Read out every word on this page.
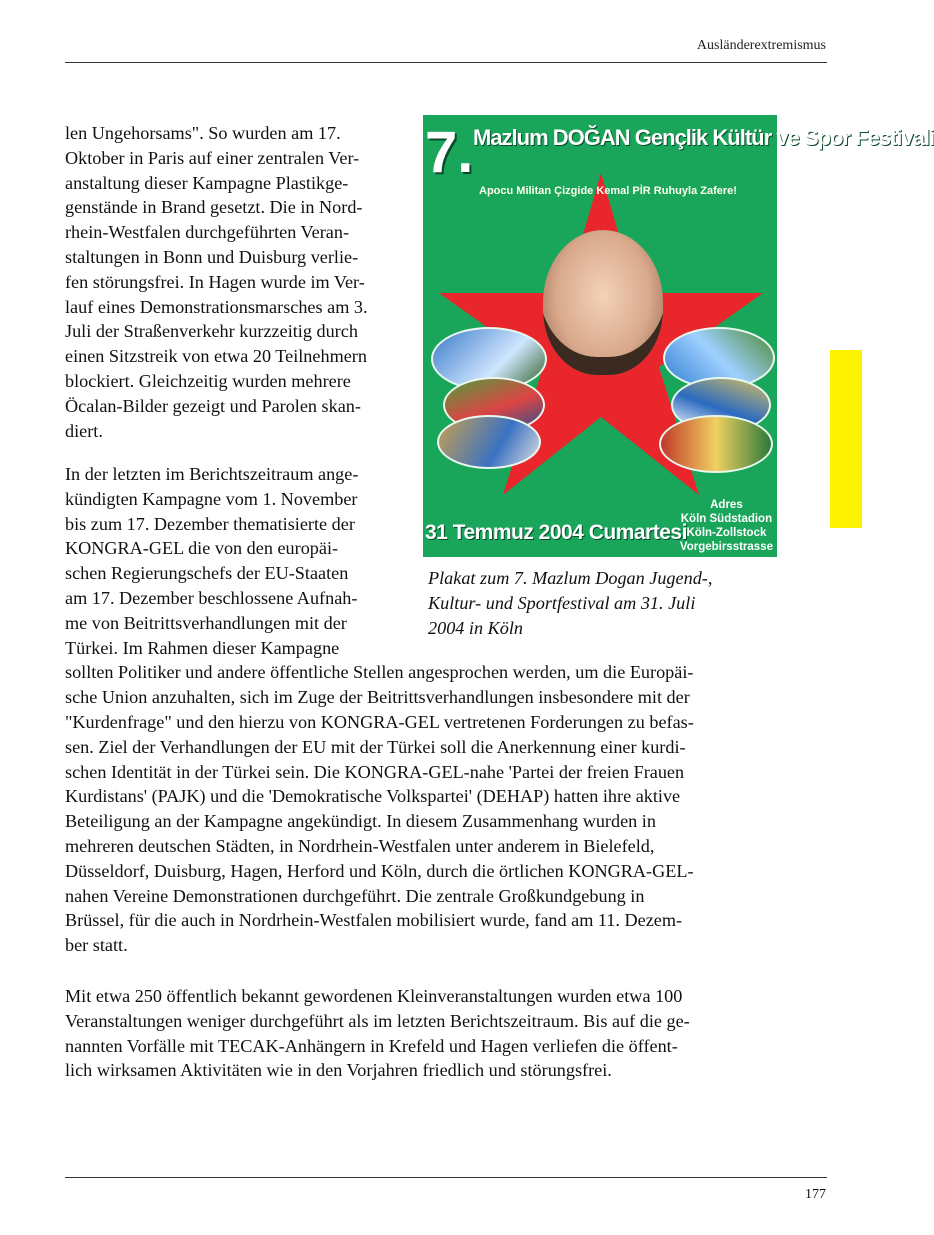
Ausländerextremismus
len Ungehorsams". So wurden am 17.
Oktober in Paris auf einer zentralen Ver-
anstaltung dieser Kampagne Plastikge-
genstände in Brand gesetzt. Die in Nord-
rhein-Westfalen durchgeführten Veran-
staltungen in Bonn und Duisburg verlie-
fen störungsfrei. In Hagen wurde im Ver-
lauf eines Demonstrationsmarsches am 3.
Juli der Straßenverkehr kurzzeitig durch
einen Sitzstreik von etwa 20 Teilnehmern
blockiert. Gleichzeitig wurden mehrere
Öcalan-Bilder gezeigt und Parolen skan-
diert.
In der letzten im Berichtszeitraum ange-
kündigten Kampagne vom 1. November
bis zum 17. Dezember thematisierte der
KONGRA-GEL die von den europäi-
schen Regierungschefs der EU-Staaten
am 17. Dezember beschlossene Aufnah-
me von Beitrittsverhandlungen mit der
Türkei. Im Rahmen dieser Kampagne
sollten Politiker und andere öffentliche Stellen angesprochen werden, um die Europäi-
sche Union anzuhalten, sich im Zuge der Beitrittsverhandlungen insbesondere mit der
"Kurdenfrage" und den hierzu von KONGRA-GEL vertretenen Forderungen zu befas-
sen. Ziel der Verhandlungen der EU mit der Türkei soll die Anerkennung einer kurdi-
schen Identität in der Türkei sein. Die KONGRA-GEL-nahe 'Partei der freien Frauen
Kurdistans' (PAJK) und die 'Demokratische Volkspartei' (DEHAP) hatten ihre aktive
Beteiligung an der Kampagne angekündigt. In diesem Zusammenhang wurden in
mehreren deutschen Städten, in Nordrhein-Westfalen unter anderem in Bielefeld,
Düsseldorf, Duisburg, Hagen, Herford und Köln, durch die örtlichen KONGRA-GEL-
nahen Vereine Demonstrationen durchgeführt. Die zentrale Großkundgebung in
Brüssel, für die auch in Nordrhein-Westfalen mobilisiert wurde, fand am 11. Dezem-
ber statt.
Mit etwa 250 öffentlich bekannt gewordenen Kleinveranstaltungen wurden etwa 100
Veranstaltungen weniger durchgeführt als im letzten Berichtszeitraum. Bis auf die ge-
nannten Vorfälle mit TECAK-Anhängern in Krefeld und Hagen verliefen die öffent-
lich wirksamen Aktivitäten wie in den Vorjahren friedlich und störungsfrei.
7. Mazlum DOĞAN Gençlik Kültür ve Spor Festivali
Apocu Militan Çizgide Kemal PİR Ruhuyla Zafere!
Adres
Köln Südstadion
Köln-Zollstock
Vorgebirsstrasse
31 Temmuz 2004 Cumartesi
Plakat zum 7. Mazlum Dogan Jugend-,
Kultur- und Sportfestival am 31. Juli
2004 in Köln
177
